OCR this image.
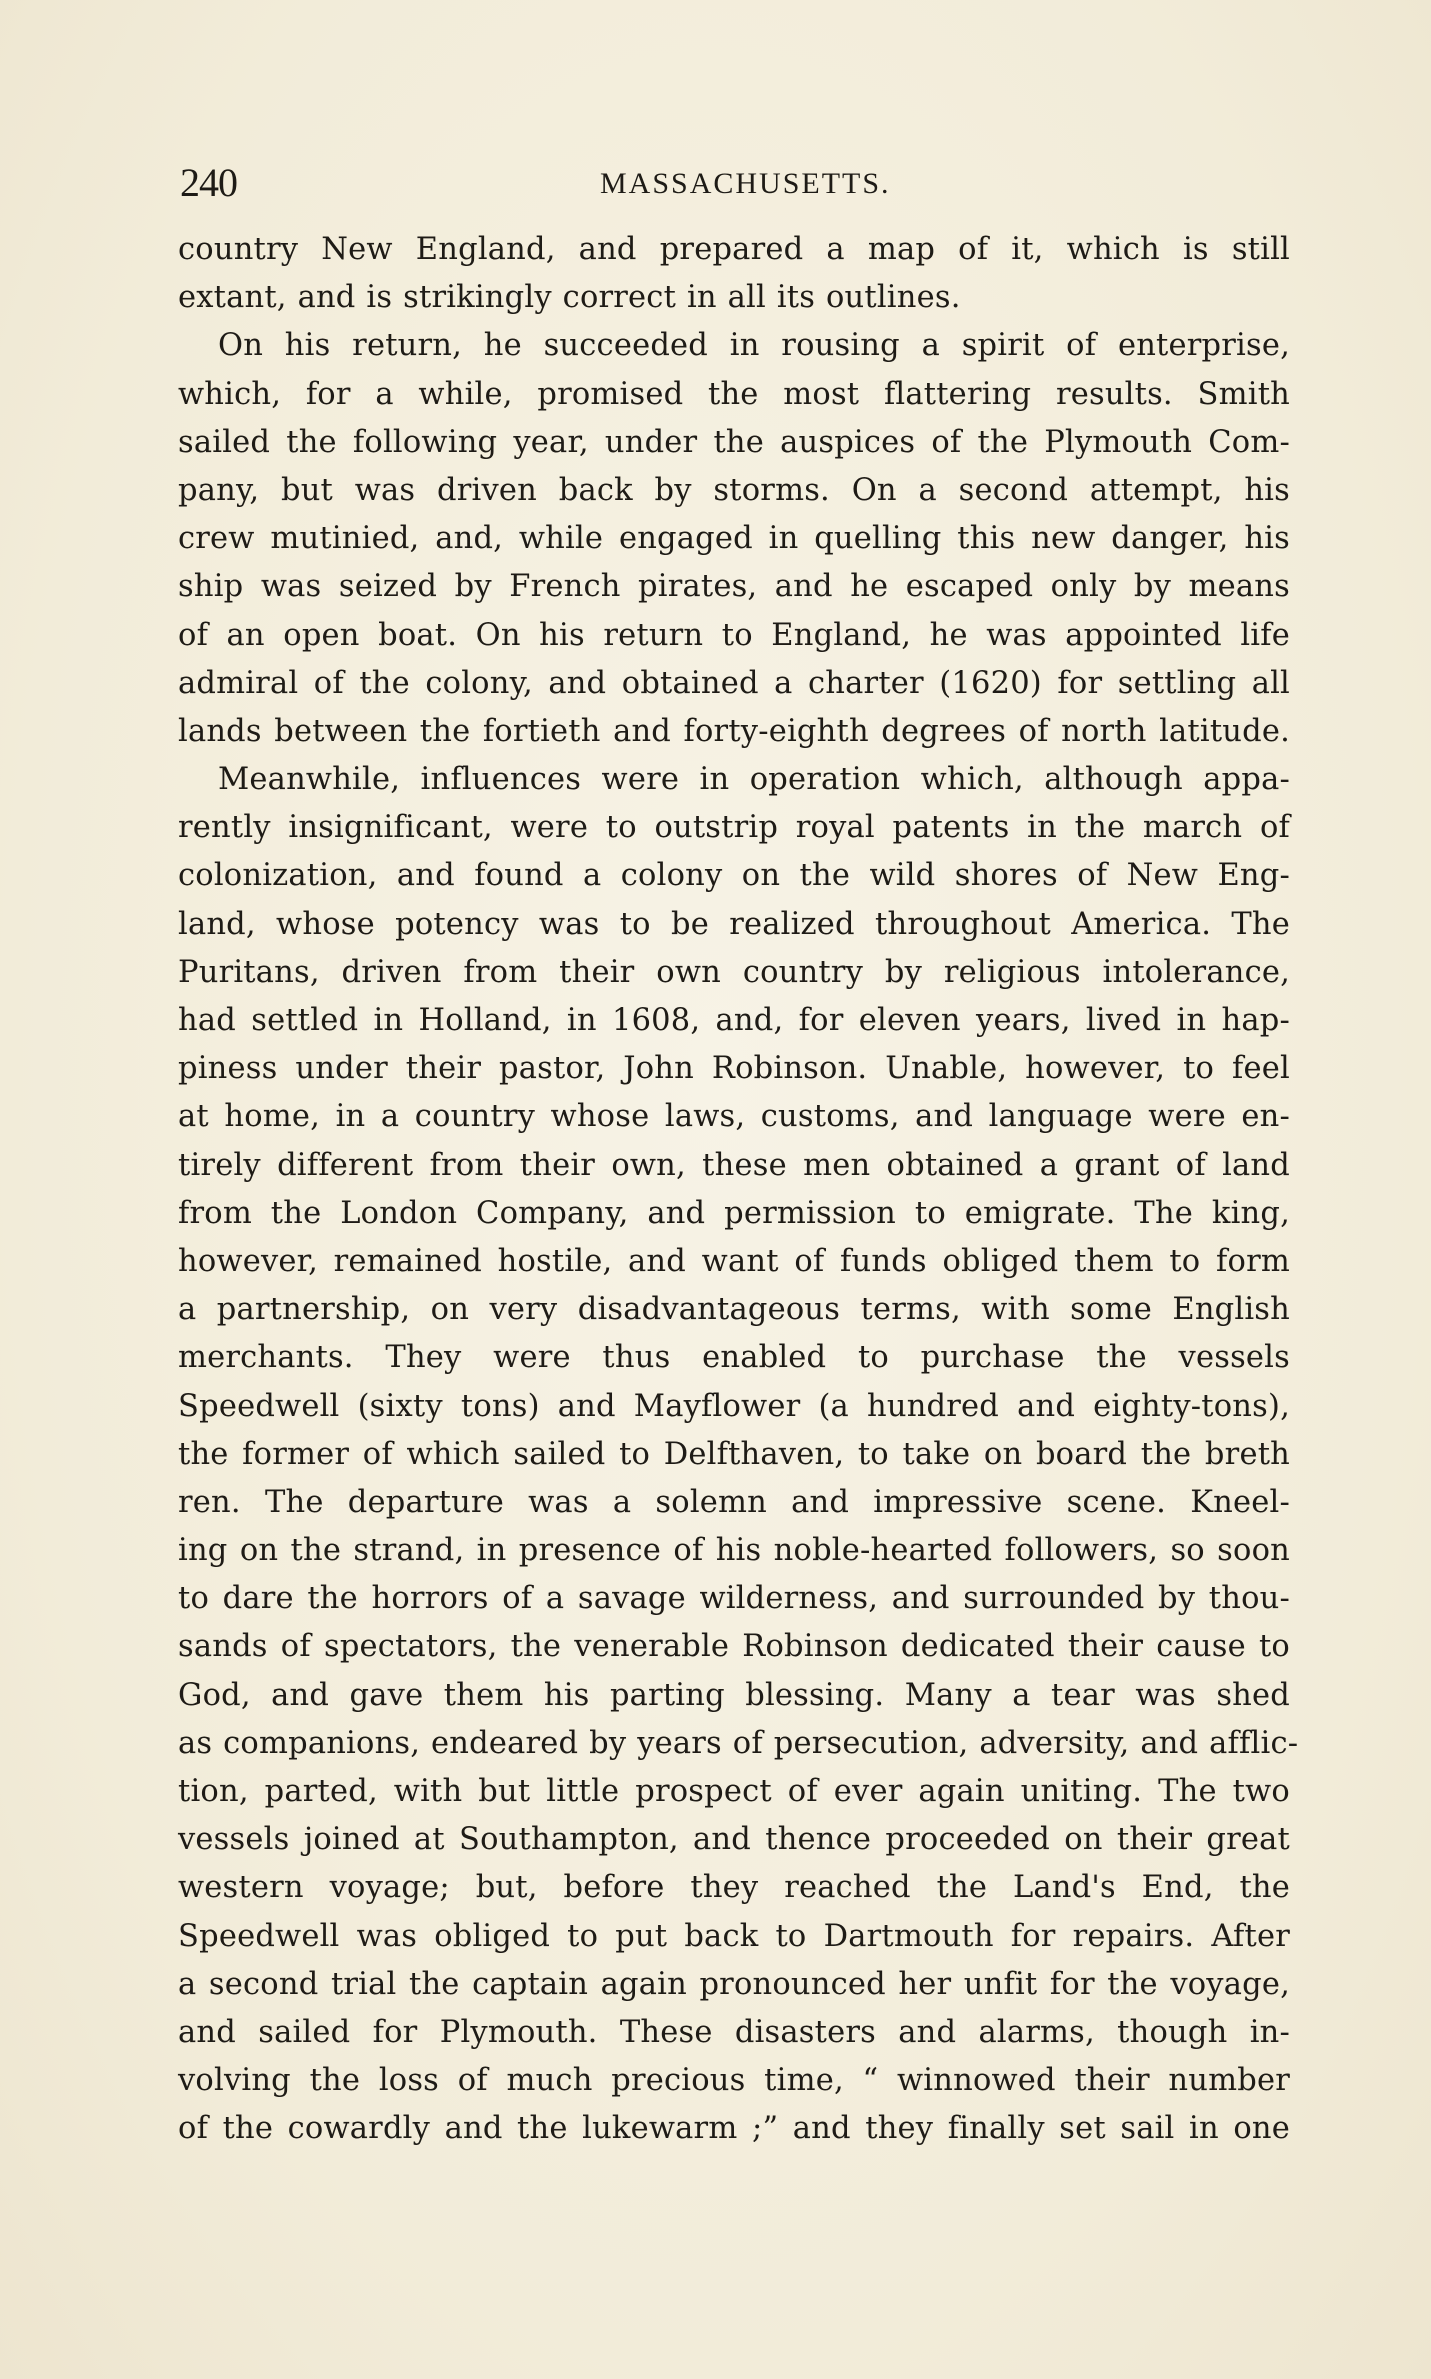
240	MASSACHUSETTS.
country New England, and prepared a map of it, which is still
extant, and is strikingly correct in all its outlines.
On his return, he succeeded in rousing a spirit of enterprise,
which, for a while, promised the most flattering results. Smith
sailed the following year, under the auspices of the Plymouth Com-
pany, but was driven back by storms. On a second attempt, his
crew mutinied, and, while engaged in quelling this new danger, his
ship was seized by French pirates, and he escaped only by means
of an open boat. On his return to England, he was appointed life
admiral of the colony, and obtained a charter (1620) for settling all
lands between the fortieth and forty-eighth degrees of north latitude.
Meanwhile, influences were in operation which, although appa-
rently insignificant, were to outstrip royal patents in the march of
colonization, and found a colony on the wild shores of New Eng-
land, whose potency was to be realized throughout America. The
Puritans, driven from their own country by religious intolerance,
had settled in Holland, in 1608, and, for eleven years, lived in hap-
piness under their pastor, John Robinson. Unable, however, to feel
at home, in a country whose laws, customs, and language were en-
tirely different from their own, these men obtained a grant of land
from the London Company, and permission to emigrate. The king,
however, remained hostile, and want of funds obliged them to form
a partnership, on very disadvantageous terms, with some English
merchants. They were thus enabled to purchase the vessels
Speedwell (sixty tons) and Mayflower (a hundred and eighty-tons),
the former of which sailed to Delfthaven, to take on board the breth
ren. The departure was a solemn and impressive scene. Kneel-
ing on the strand, in presence of his noble-hearted followers, so soon
to dare the horrors of a savage wilderness, and surrounded by thou-
sands of spectators, the venerable Robinson dedicated their cause to
God, and gave them his parting blessing. Many a tear was shed
as companions, endeared by years of persecution, adversity, and afflic-
tion, parted, with but little prospect of ever again uniting. The two
vessels joined at Southampton, and thence proceeded on their great
western voyage; but, before they reached the Land's End, the
Speedwell was obliged to put back to Dartmouth for repairs. After
a second trial the captain again pronounced her unfit for the voyage,
and sailed for Plymouth. These disasters and alarms, though in-
volving the loss of much precious time, “ winnowed their number
of the cowardly and the lukewarm ;” and they finally set sail in one
